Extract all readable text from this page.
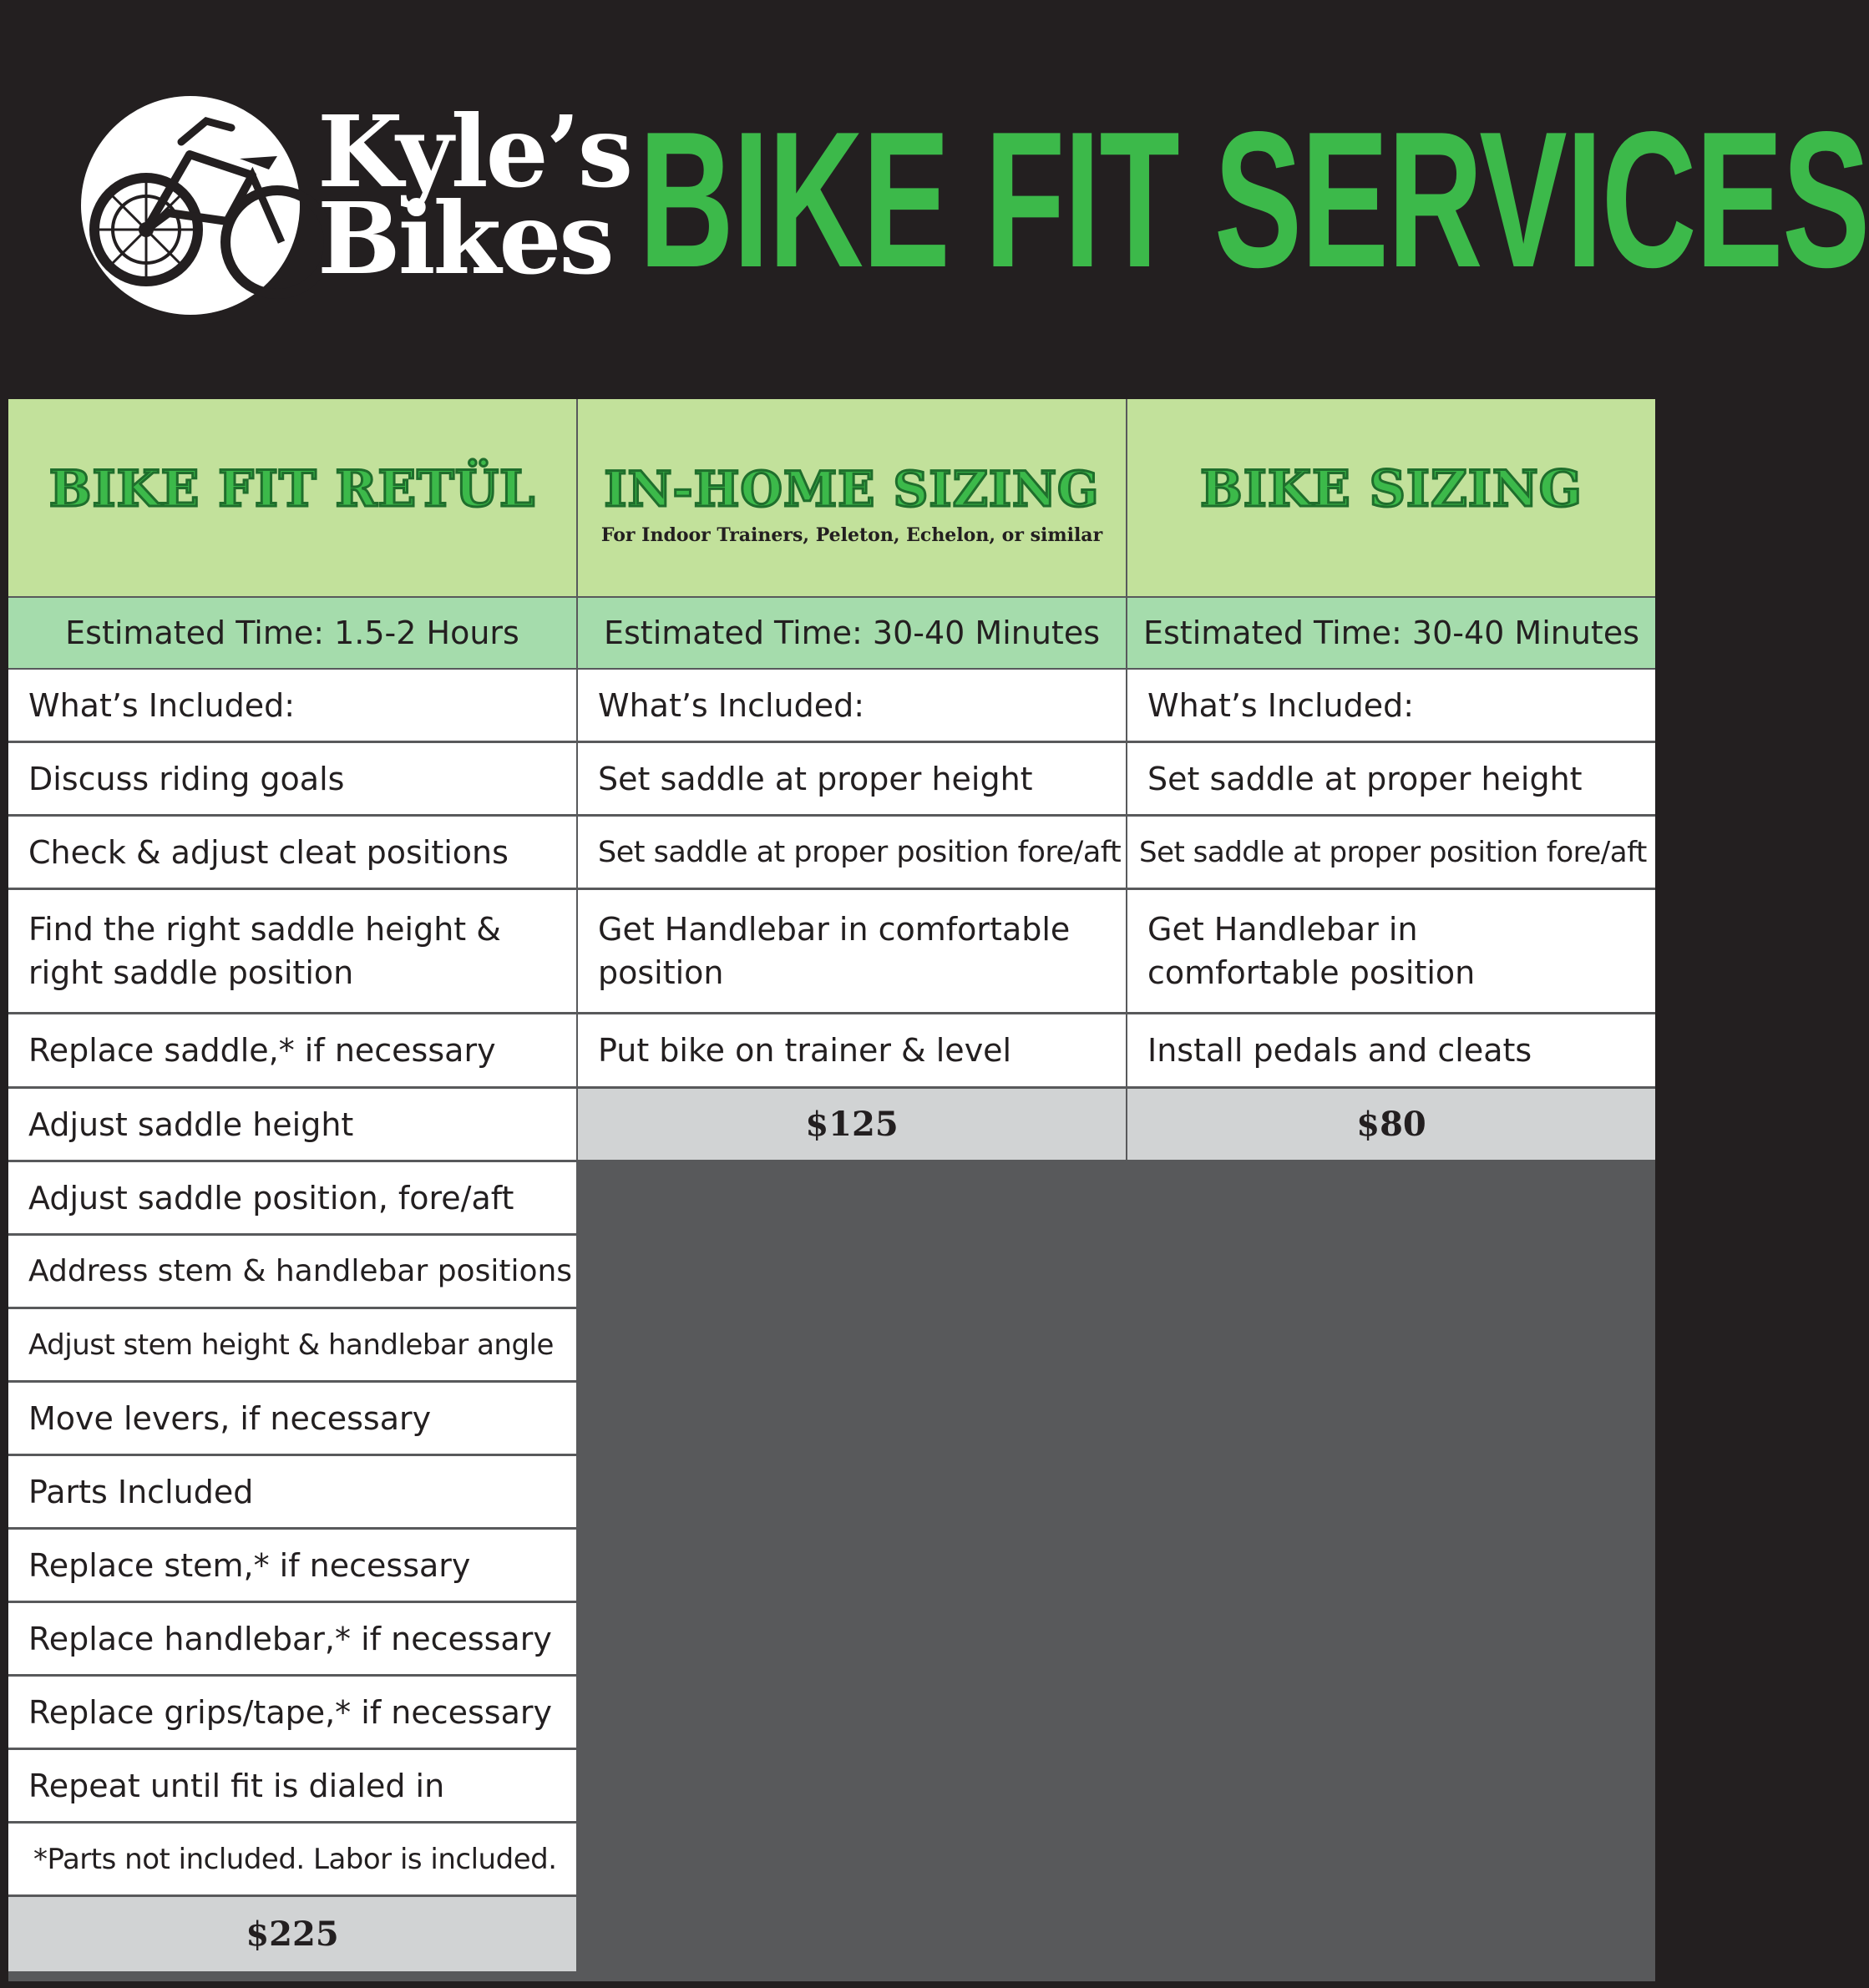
Kyle’s
Bikes BIKE FIT SERVICES
BIKE FIT RETÜL
Estimated Time: 1.5-2 Hours
What’s Included:
Discuss riding goals
Check & adjust cleat positions
Find the right saddle height & right saddle position
Replace saddle,* if necessary
Adjust saddle height
Adjust saddle position, fore/aft
Address stem & handlebar positions
Adjust stem height & handlebar angle
Move levers, if necessary
Parts Included
Replace stem,* if necessary
Replace handlebar,* if necessary
Replace grips/tape,* if necessary
Repeat until fit is dialed in
*Parts not included. Labor is included.
$225
IN-HOME SIZING
For Indoor Trainers, Peleton, Echelon, or similar
Estimated Time: 30-40 Minutes
What’s Included:
Set saddle at proper height
Set saddle at proper position fore/aft
Get Handlebar in comfortable position
Put bike on trainer & level
$125
BIKE SIZING
Estimated Time: 30-40 Minutes
What’s Included:
Set saddle at proper height
Set saddle at proper position fore/aft
Get Handlebar in comfortable position
Install pedals and cleats
$80
